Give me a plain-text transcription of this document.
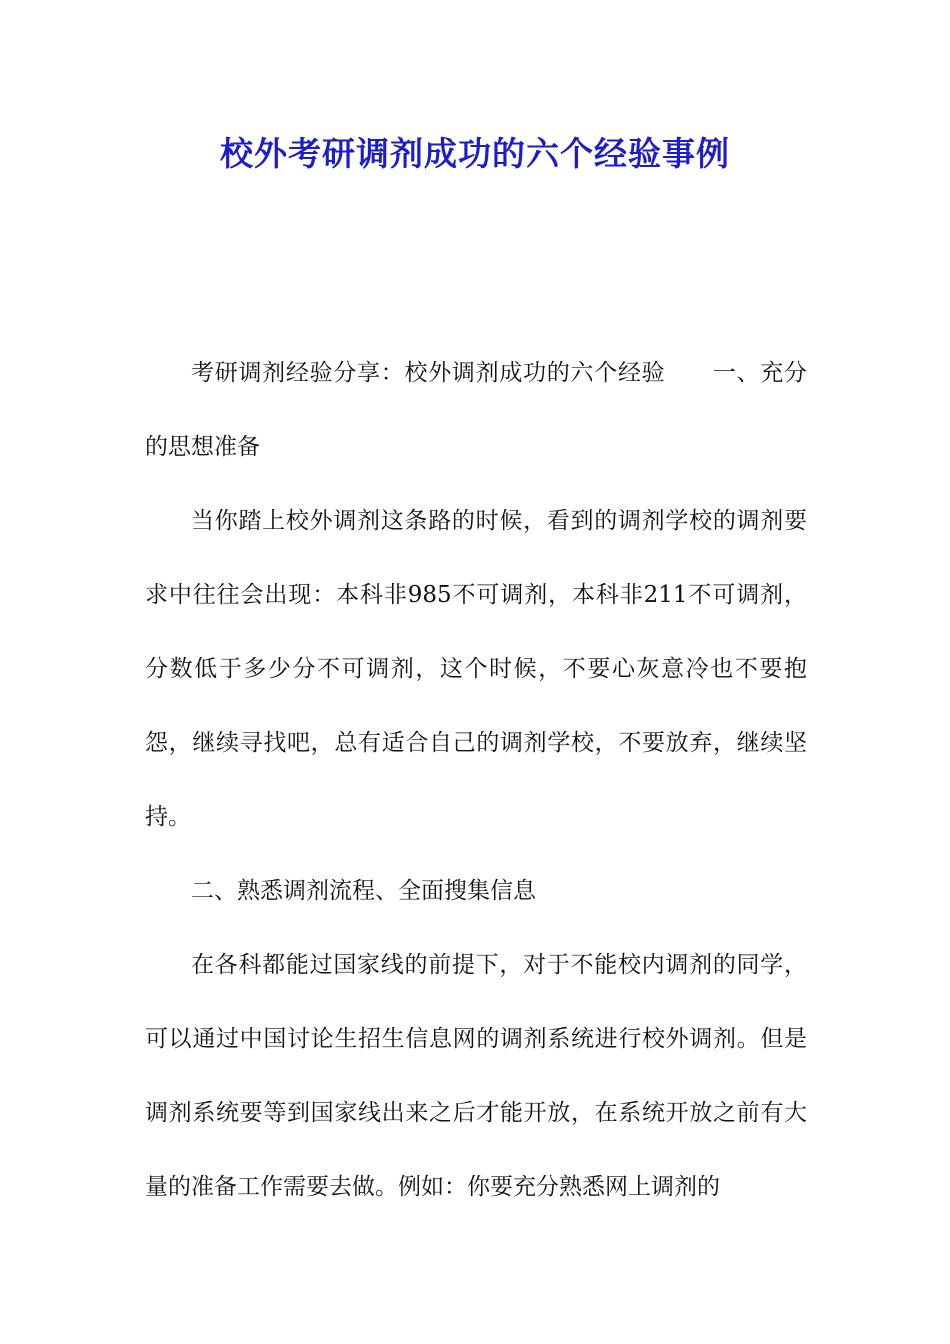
校外考研调剂成功的六个经验事例

考研调剂经验分享：校外调剂成功的六个经验　　一、充分的思想准备

当你踏上校外调剂这条路的时候，看到的调剂学校的调剂要求中往往会出现：本科非985不可调剂，本科非211不可调剂，分数低于多少分不可调剂，这个时候，不要心灰意冷也不要抱怨，继续寻找吧，总有适合自己的调剂学校，不要放弃，继续坚持。

二、熟悉调剂流程、全面搜集信息

在各科都能过国家线的前提下，对于不能校内调剂的同学，可以通过中国讨论生招生信息网的调剂系统进行校外调剂。但是调剂系统要等到国家线出来之后才能开放，在系统开放之前有大量的准备工作需要去做。例如：你要充分熟悉网上调剂的
